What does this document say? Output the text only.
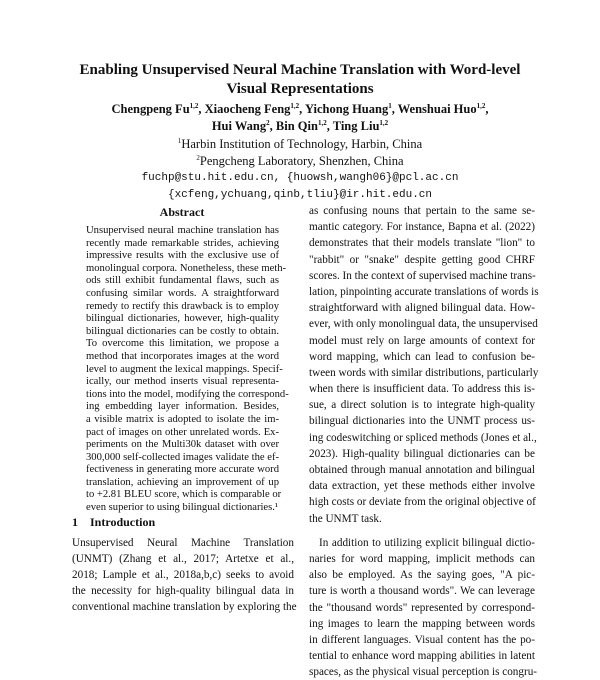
Enabling Unsupervised Neural Machine Translation with Word-level
Visual Representations
Chengpeng Fu$^{1,2}$, Xiaocheng Feng$^{1,2}$, Yichong Huang$^1$, Wenshuai Huo$^{1,2}$,
Hui Wang$^2$, Bin Qin$^{1,2}$, Ting Liu$^{1,2}$
$^1$Harbin Institution of Technology, Harbin, China
$^2$Pengcheng Laboratory, Shenzhen, China
fuchp@stu.hit.edu.cn, {huowsh,wangh06}@pcl.ac.cn
{xcfeng,ychuang,qinb,tliu}@ir.hit.edu.cn
Abstract
Unsupervised neural machine translation has
recently made remarkable strides, achieving
impressive results with the exclusive use of
monolingual corpora. Nonetheless, these meth-
ods still exhibit fundamental flaws, such as
confusing similar words. A straightforward
remedy to rectify this drawback is to employ
bilingual dictionaries, however, high-quality
bilingual dictionaries can be costly to obtain.
To overcome this limitation, we propose a
method that incorporates images at the word
level to augment the lexical mappings. Specif-
ically, our method inserts visual representa-
tions into the model, modifying the correspond-
ing embedding layer information. Besides,
a visible matrix is adopted to isolate the im-
pact of images on other unrelated words. Ex-
periments on the Multi30k dataset with over
300,000 self-collected images validate the ef-
fectiveness in generating more accurate word
translation, achieving an improvement of up
to +2.81 BLEU score, which is comparable or
even superior to using bilingual dictionaries.¹
1 Introduction
Unsupervised Neural Machine Translation
(UNMT) (Zhang et al., 2017; Artetxe et al.,
2018; Lample et al., 2018a,b,c) seeks to avoid
the necessity for high-quality bilingual data in
conventional machine translation by exploring the
as confusing nouns that pertain to the same se-
mantic category. For instance, Bapna et al. (2022)
demonstrates that their models translate "lion" to
"rabbit" or "snake" despite getting good CHRF
scores. In the context of supervised machine trans-
lation, pinpointing accurate translations of words is
straightforward with aligned bilingual data. How-
ever, with only monolingual data, the unsupervised
model must rely on large amounts of context for
word mapping, which can lead to confusion be-
tween words with similar distributions, particularly
when there is insufficient data. To address this is-
sue, a direct solution is to integrate high-quality
bilingual dictionaries into the UNMT process us-
ing codeswitching or spliced methods (Jones et al.,
2023). High-quality bilingual dictionaries can be
obtained through manual annotation and bilingual
data extraction, yet these methods either involve
high costs or deviate from the original objective of
the UNMT task.
In addition to utilizing explicit bilingual dictio-
naries for word mapping, implicit methods can
also be employed. As the saying goes, "A pic-
ture is worth a thousand words". We can leverage
the "thousand words" represented by correspond-
ing images to learn the mapping between words
in different languages. Visual content has the po-
tential to enhance word mapping abilities in latent
spaces, as the physical visual perception is congru-
